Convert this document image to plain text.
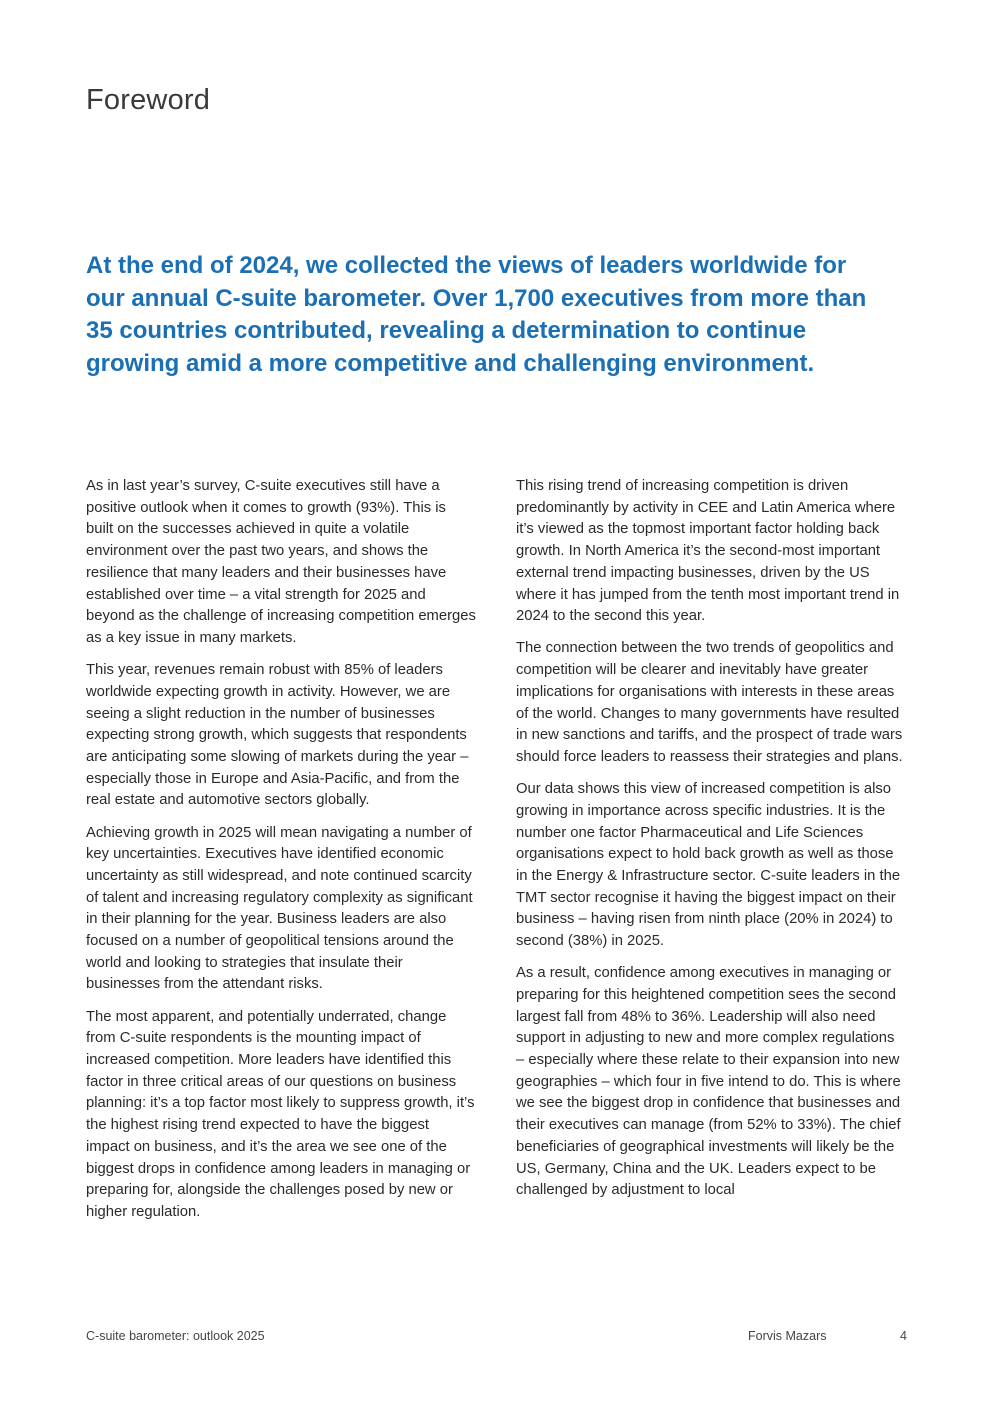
Foreword

At the end of 2024, we collected the views of leaders worldwide for our annual C-suite barometer. Over 1,700 executives from more than 35 countries contributed, revealing a determination to continue growing amid a more competitive and challenging environment.

As in last year’s survey, C-suite executives still have a positive outlook when it comes to growth (93%). This is built on the successes achieved in quite a volatile environment over the past two years, and shows the resilience that many leaders and their businesses have established over time – a vital strength for 2025 and beyond as the challenge of increasing competition emerges as a key issue in many markets.

This year, revenues remain robust with 85% of leaders worldwide expecting growth in activity. However, we are seeing a slight reduction in the number of businesses expecting strong growth, which suggests that respondents are anticipating some slowing of markets during the year – especially those in Europe and Asia-Pacific, and from the real estate and automotive sectors globally.

Achieving growth in 2025 will mean navigating a number of key uncertainties. Executives have identified economic uncertainty as still widespread, and note continued scarcity of talent and increasing regulatory complexity as significant in their planning for the year. Business leaders are also focused on a number of geopolitical tensions around the world and looking to strategies that insulate their businesses from the attendant risks.

The most apparent, and potentially underrated, change from C-suite respondents is the mounting impact of increased competition. More leaders have identified this factor in three critical areas of our questions on business planning: it’s a top factor most likely to suppress growth, it’s the highest rising trend expected to have the biggest impact on business, and it’s the area we see one of the biggest drops in confidence among leaders in managing or preparing for, alongside the challenges posed by new or higher regulation.

This rising trend of increasing competition is driven predominantly by activity in CEE and Latin America where it’s viewed as the topmost important factor holding back growth. In North America it’s the second-most important external trend impacting businesses, driven by the US where it has jumped from the tenth most important trend in 2024 to the second this year.

The connection between the two trends of geopolitics and competition will be clearer and inevitably have greater implications for organisations with interests in these areas of the world. Changes to many governments have resulted in new sanctions and tariffs, and the prospect of trade wars should force leaders to reassess their strategies and plans.

Our data shows this view of increased competition is also growing in importance across specific industries. It is the number one factor Pharmaceutical and Life Sciences organisations expect to hold back growth as well as those in the Energy & Infrastructure sector. C-suite leaders in the TMT sector recognise it having the biggest impact on their business – having risen from ninth place (20% in 2024) to second (38%) in 2025.

As a result, confidence among executives in managing or preparing for this heightened competition sees the second largest fall from 48% to 36%. Leadership will also need support in adjusting to new and more complex regulations – especially where these relate to their expansion into new geographies – which four in five intend to do. This is where we see the biggest drop in confidence that businesses and their executives can manage (from 52% to 33%). The chief beneficiaries of geographical investments will likely be the US, Germany, China and the UK. Leaders expect to be challenged by adjustment to local

C-suite barometer: outlook 2025	Forvis Mazars	4
